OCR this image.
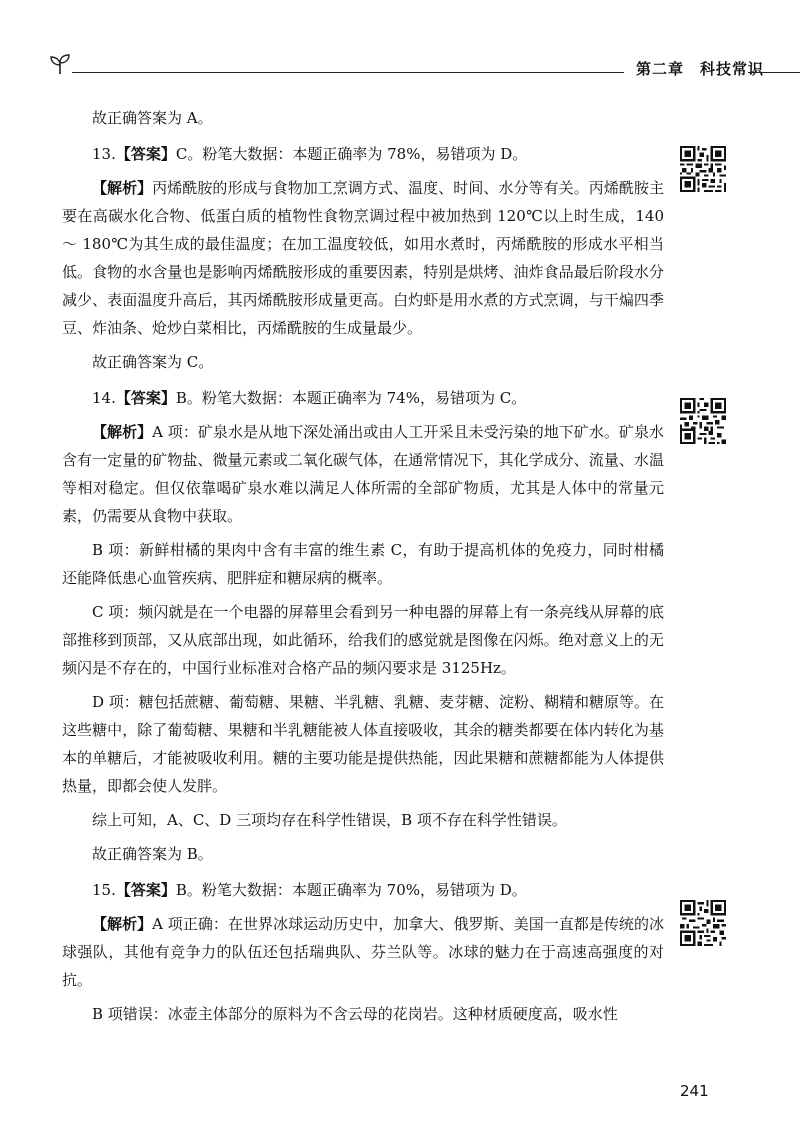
第二章　科技常识

故正确答案为 A。

13.【答案】C。粉笔大数据：本题正确率为 78%，易错项为 D。

【解析】丙烯酰胺的形成与食物加工烹调方式、温度、时间、水分等有关。丙烯酰胺主要在高碳水化合物、低蛋白质的植物性食物烹调过程中被加热到 120℃以上时生成，140 ～ 180℃为其生成的最佳温度；在加工温度较低，如用水煮时，丙烯酰胺的形成水平相当低。食物的水含量也是影响丙烯酰胺形成的重要因素，特别是烘烤、油炸食品最后阶段水分减少、表面温度升高后，其丙烯酰胺形成量更高。白灼虾是用水煮的方式烹调，与干煸四季豆、炸油条、炝炒白菜相比，丙烯酰胺的生成量最少。

故正确答案为 C。

14.【答案】B。粉笔大数据：本题正确率为 74%，易错项为 C。

【解析】A 项：矿泉水是从地下深处涌出或由人工开采且未受污染的地下矿水。矿泉水含有一定量的矿物盐、微量元素或二氧化碳气体，在通常情况下，其化学成分、流量、水温等相对稳定。但仅依靠喝矿泉水难以满足人体所需的全部矿物质，尤其是人体中的常量元素，仍需要从食物中获取。

B 项：新鲜柑橘的果肉中含有丰富的维生素 C，有助于提高机体的免疫力，同时柑橘还能降低患心血管疾病、肥胖症和糖尿病的概率。

C 项：频闪就是在一个电器的屏幕里会看到另一种电器的屏幕上有一条亮线从屏幕的底部推移到顶部，又从底部出现，如此循环，给我们的感觉就是图像在闪烁。绝对意义上的无频闪是不存在的，中国行业标准对合格产品的频闪要求是 3125Hz。

D 项：糖包括蔗糖、葡萄糖、果糖、半乳糖、乳糖、麦芽糖、淀粉、糊精和糖原等。在这些糖中，除了葡萄糖、果糖和半乳糖能被人体直接吸收，其余的糖类都要在体内转化为基本的单糖后，才能被吸收利用。糖的主要功能是提供热能，因此果糖和蔗糖都能为人体提供热量，即都会使人发胖。

综上可知，A、C、D 三项均存在科学性错误，B 项不存在科学性错误。

故正确答案为 B。

15.【答案】B。粉笔大数据：本题正确率为 70%，易错项为 D。

【解析】A 项正确：在世界冰球运动历史中，加拿大、俄罗斯、美国一直都是传统的冰球强队，其他有竞争力的队伍还包括瑞典队、芬兰队等。冰球的魅力在于高速高强度的对抗。

B 项错误：冰壶主体部分的原料为不含云母的花岗岩。这种材质硬度高，吸水性

241
